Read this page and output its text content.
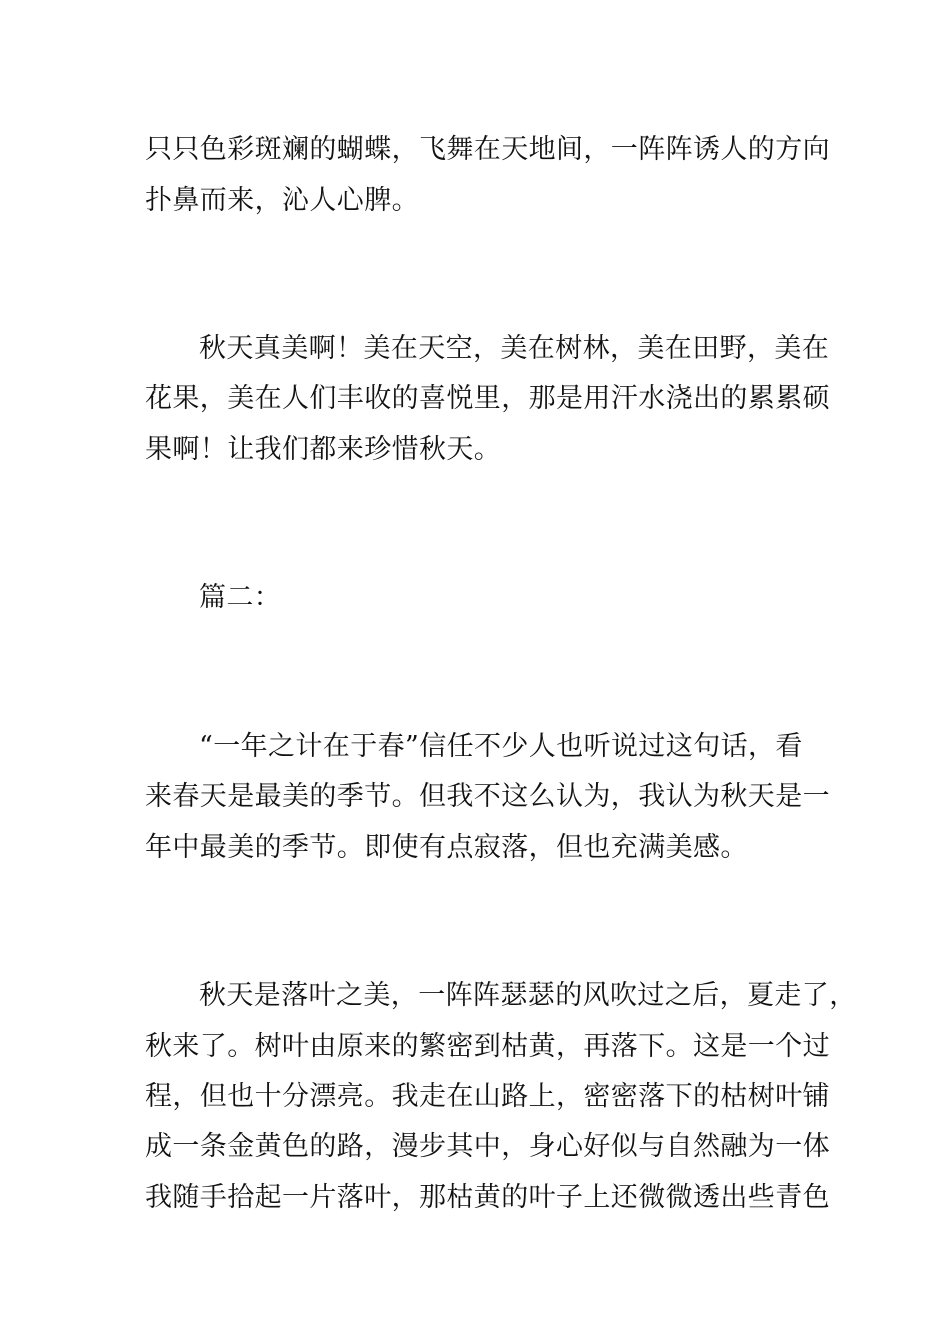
只只色彩斑斓的蝴蝶，飞舞在天地间，一阵阵诱人的方向
扑鼻而来，沁人心脾。
秋天真美啊！美在天空，美在树林，美在田野，美在
花果，美在人们丰收的喜悦里，那是用汗水浇出的累累硕
果啊！让我们都来珍惜秋天。
篇二：
“一年之计在于春”信任不少人也听说过这句话，看
来春天是最美的季节。但我不这么认为，我认为秋天是一
年中最美的季节。即使有点寂落，但也充满美感。
秋天是落叶之美，一阵阵瑟瑟的风吹过之后，夏走了，
秋来了。树叶由原来的繁密到枯黄，再落下。这是一个过
程，但也十分漂亮。我走在山路上，密密落下的枯树叶铺
成一条金黄色的路，漫步其中，身心好似与自然融为一体
我随手拾起一片落叶，那枯黄的叶子上还微微透出些青色
